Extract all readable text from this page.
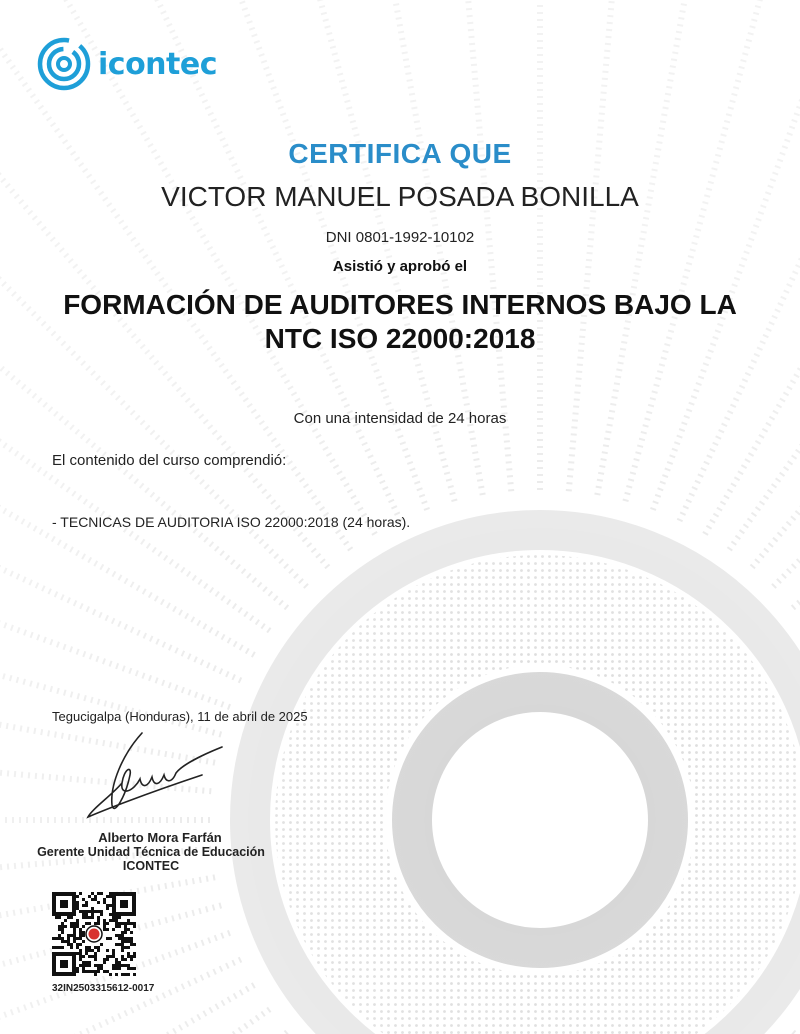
icontec
CERTIFICA QUE
VICTOR MANUEL POSADA BONILLA
DNI 0801-1992-10102
Asistió y aprobó el
FORMACIÓN DE AUDITORES INTERNOS BAJO LA NTC ISO 22000:2018
Con una intensidad de 24 horas
El contenido del curso comprendió:
- TECNICAS DE AUDITORIA ISO 22000:2018 (24 horas).
Tegucigalpa (Honduras), 11 de abril de 2025
Alberto Mora Farfán
Gerente Unidad Técnica de Educación ICONTEC
32IN2503315612-0017
